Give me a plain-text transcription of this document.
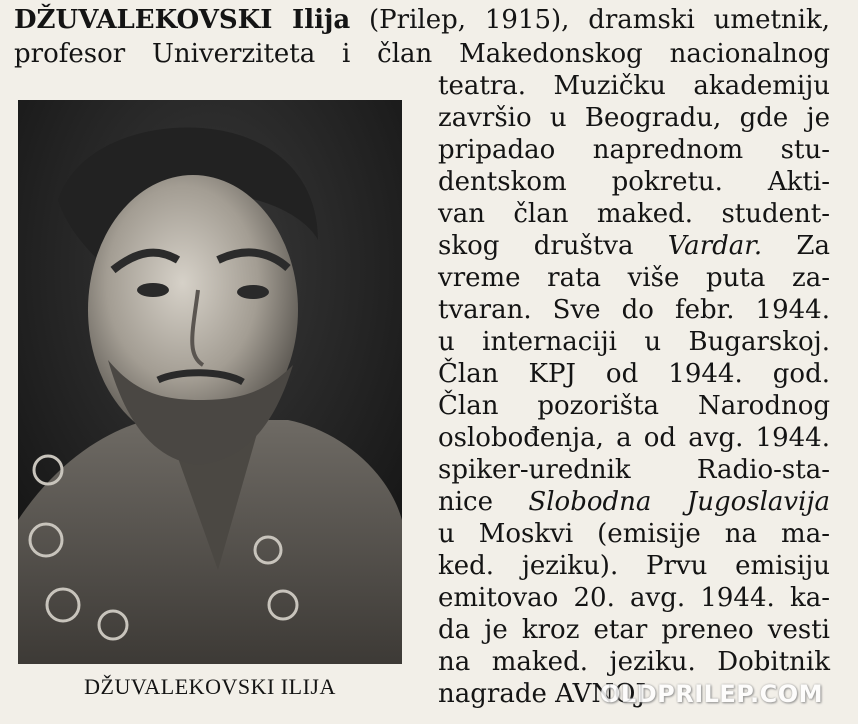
DŽUVALEKOVSKI Ilija (Prilep, 1915), dramski umetnik,
profesor Univerziteta i član Makedonskog nacionalnog
DŽUVALEKOVSKI ILIJA
teatra. Muzičku akademiju
završio u Beogradu, gde je
pripadao naprednom stu-
dentskom pokretu. Akti-
van član maked. student-
skog društva Vardar. Za
vreme rata više puta za-
tvaran. Sve do febr. 1944.
u internaciji u Bugarskoj.
Član KPJ od 1944. god.
Član pozorišta Narodnog
oslobođenja, a od avg. 1944.
spiker-urednik Radio-sta-
nice Slobodna Jugoslavija
u Moskvi (emisije na ma-
ked. jeziku). Prvu emisiju
emitovao 20. avg. 1944. ka-
da je kroz etar preneo vesti
na maked. jeziku. Dobitnik
nagrade AVNOJ
OLDPRILEP.COM
